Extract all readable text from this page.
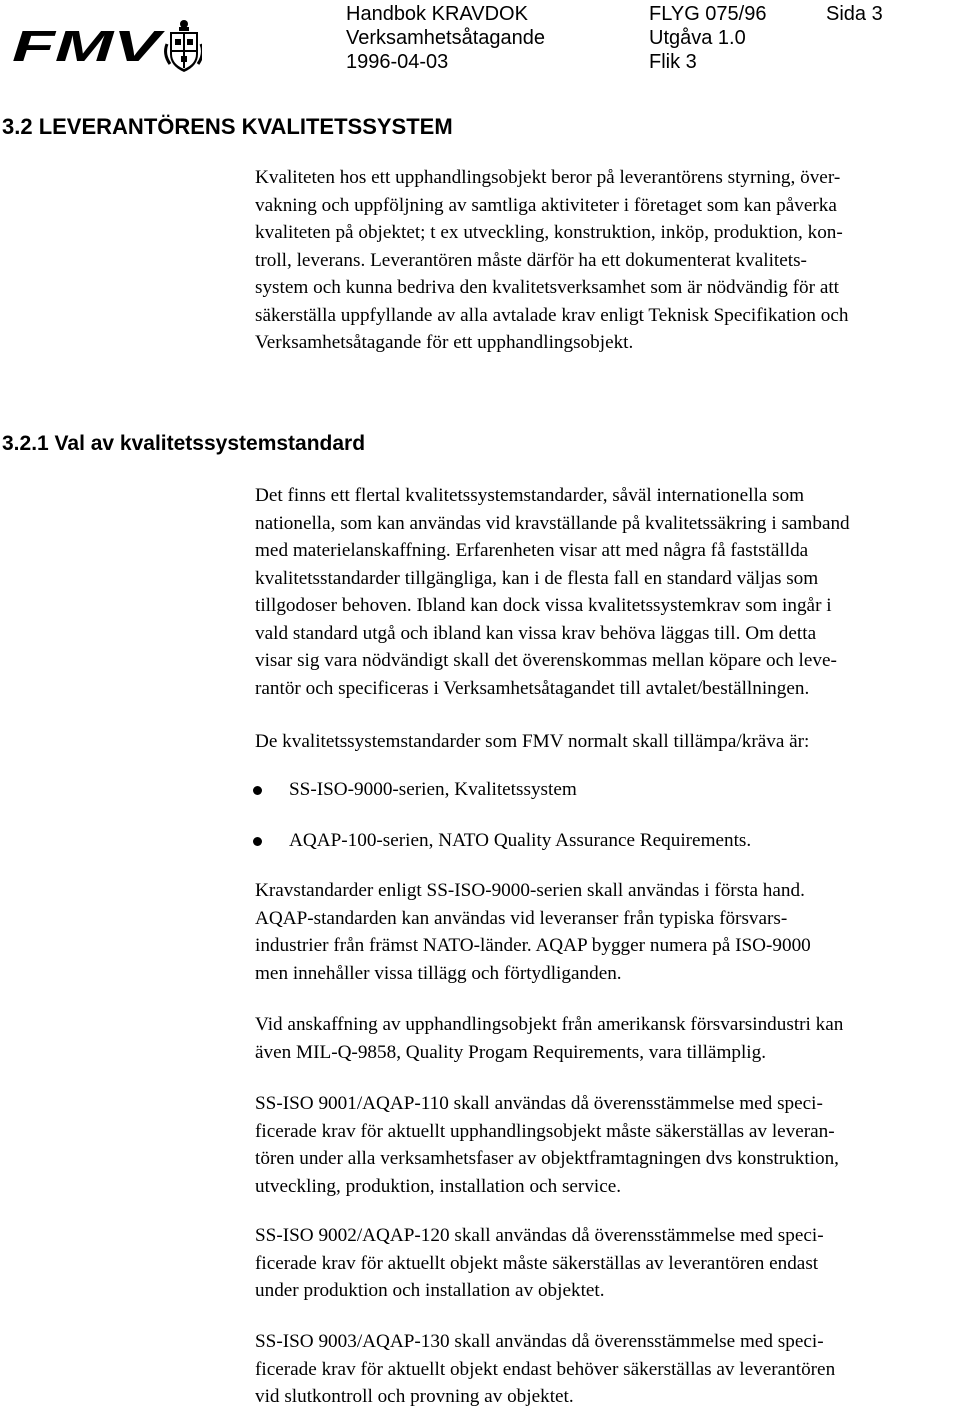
FMV
Handbok KRAVDOK	FLYG 075/96	Sida 3
Verksamhetsåtagande	Utgåva 1.0
1996-04-03	Flik 3
3.2 LEVERANTÖRENS KVALITETSSYSTEM
Kvaliteten hos ett upphandlingsobjekt beror på leverantörens styrning, över-
vakning och uppföljning av samtliga aktiviteter i företaget som kan påverka
kvaliteten på objektet; t ex utveckling, konstruktion, inköp, produktion, kon-
troll, leverans. Leverantören måste därför ha ett dokumenterat kvalitets-
system och kunna bedriva den kvalitetsverksamhet som är nödvändig för att
säkerställa uppfyllande av alla avtalade krav enligt Teknisk Specifikation och
Verksamhetsåtagande för ett upphandlingsobjekt.
3.2.1 Val av kvalitetssystemstandard
Det finns ett flertal kvalitetssystemstandarder, såväl internationella som
nationella, som kan användas vid kravställande på kvalitetssäkring i samband
med materielanskaffning. Erfarenheten visar att med några få fastställda
kvalitetsstandarder tillgängliga, kan i de flesta fall en standard väljas som
tillgodoser behoven. Ibland kan dock vissa kvalitetssystemkrav som ingår i
vald standard utgå och ibland kan vissa krav behöva läggas till. Om detta
visar sig vara nödvändigt skall det överenskommas mellan köpare och leve-
rantör och specificeras i Verksamhetsåtagandet till avtalet/beställningen.
De kvalitetssystemstandarder som FMV normalt skall tillämpa/kräva är:
SS-ISO-9000-serien, Kvalitetssystem
AQAP-100-serien, NATO Quality Assurance Requirements.
Kravstandarder enligt SS-ISO-9000-serien skall användas i första hand.
AQAP-standarden kan användas vid leveranser från typiska försvars-
industrier från främst NATO-länder. AQAP bygger numera på ISO-9000
men innehåller vissa tillägg och förtydliganden.
Vid anskaffning av upphandlingsobjekt från amerikansk försvarsindustri kan
även MIL-Q-9858, Quality Progam Requirements, vara tillämplig.
SS-ISO 9001/AQAP-110 skall användas då överensstämmelse med speci-
ficerade krav för aktuellt upphandlingsobjekt måste säkerställas av leveran-
tören under alla verksamhetsfaser av objektframtagningen dvs konstruktion,
utveckling, produktion, installation och service.
SS-ISO 9002/AQAP-120 skall användas då överensstämmelse med speci-
ficerade krav för aktuellt objekt måste säkerställas av leverantören endast
under produktion och installation av objektet.
SS-ISO 9003/AQAP-130 skall användas då överensstämmelse med speci-
ficerade krav för aktuellt objekt endast behöver säkerställas av leverantören
vid slutkontroll och provning av objektet.
